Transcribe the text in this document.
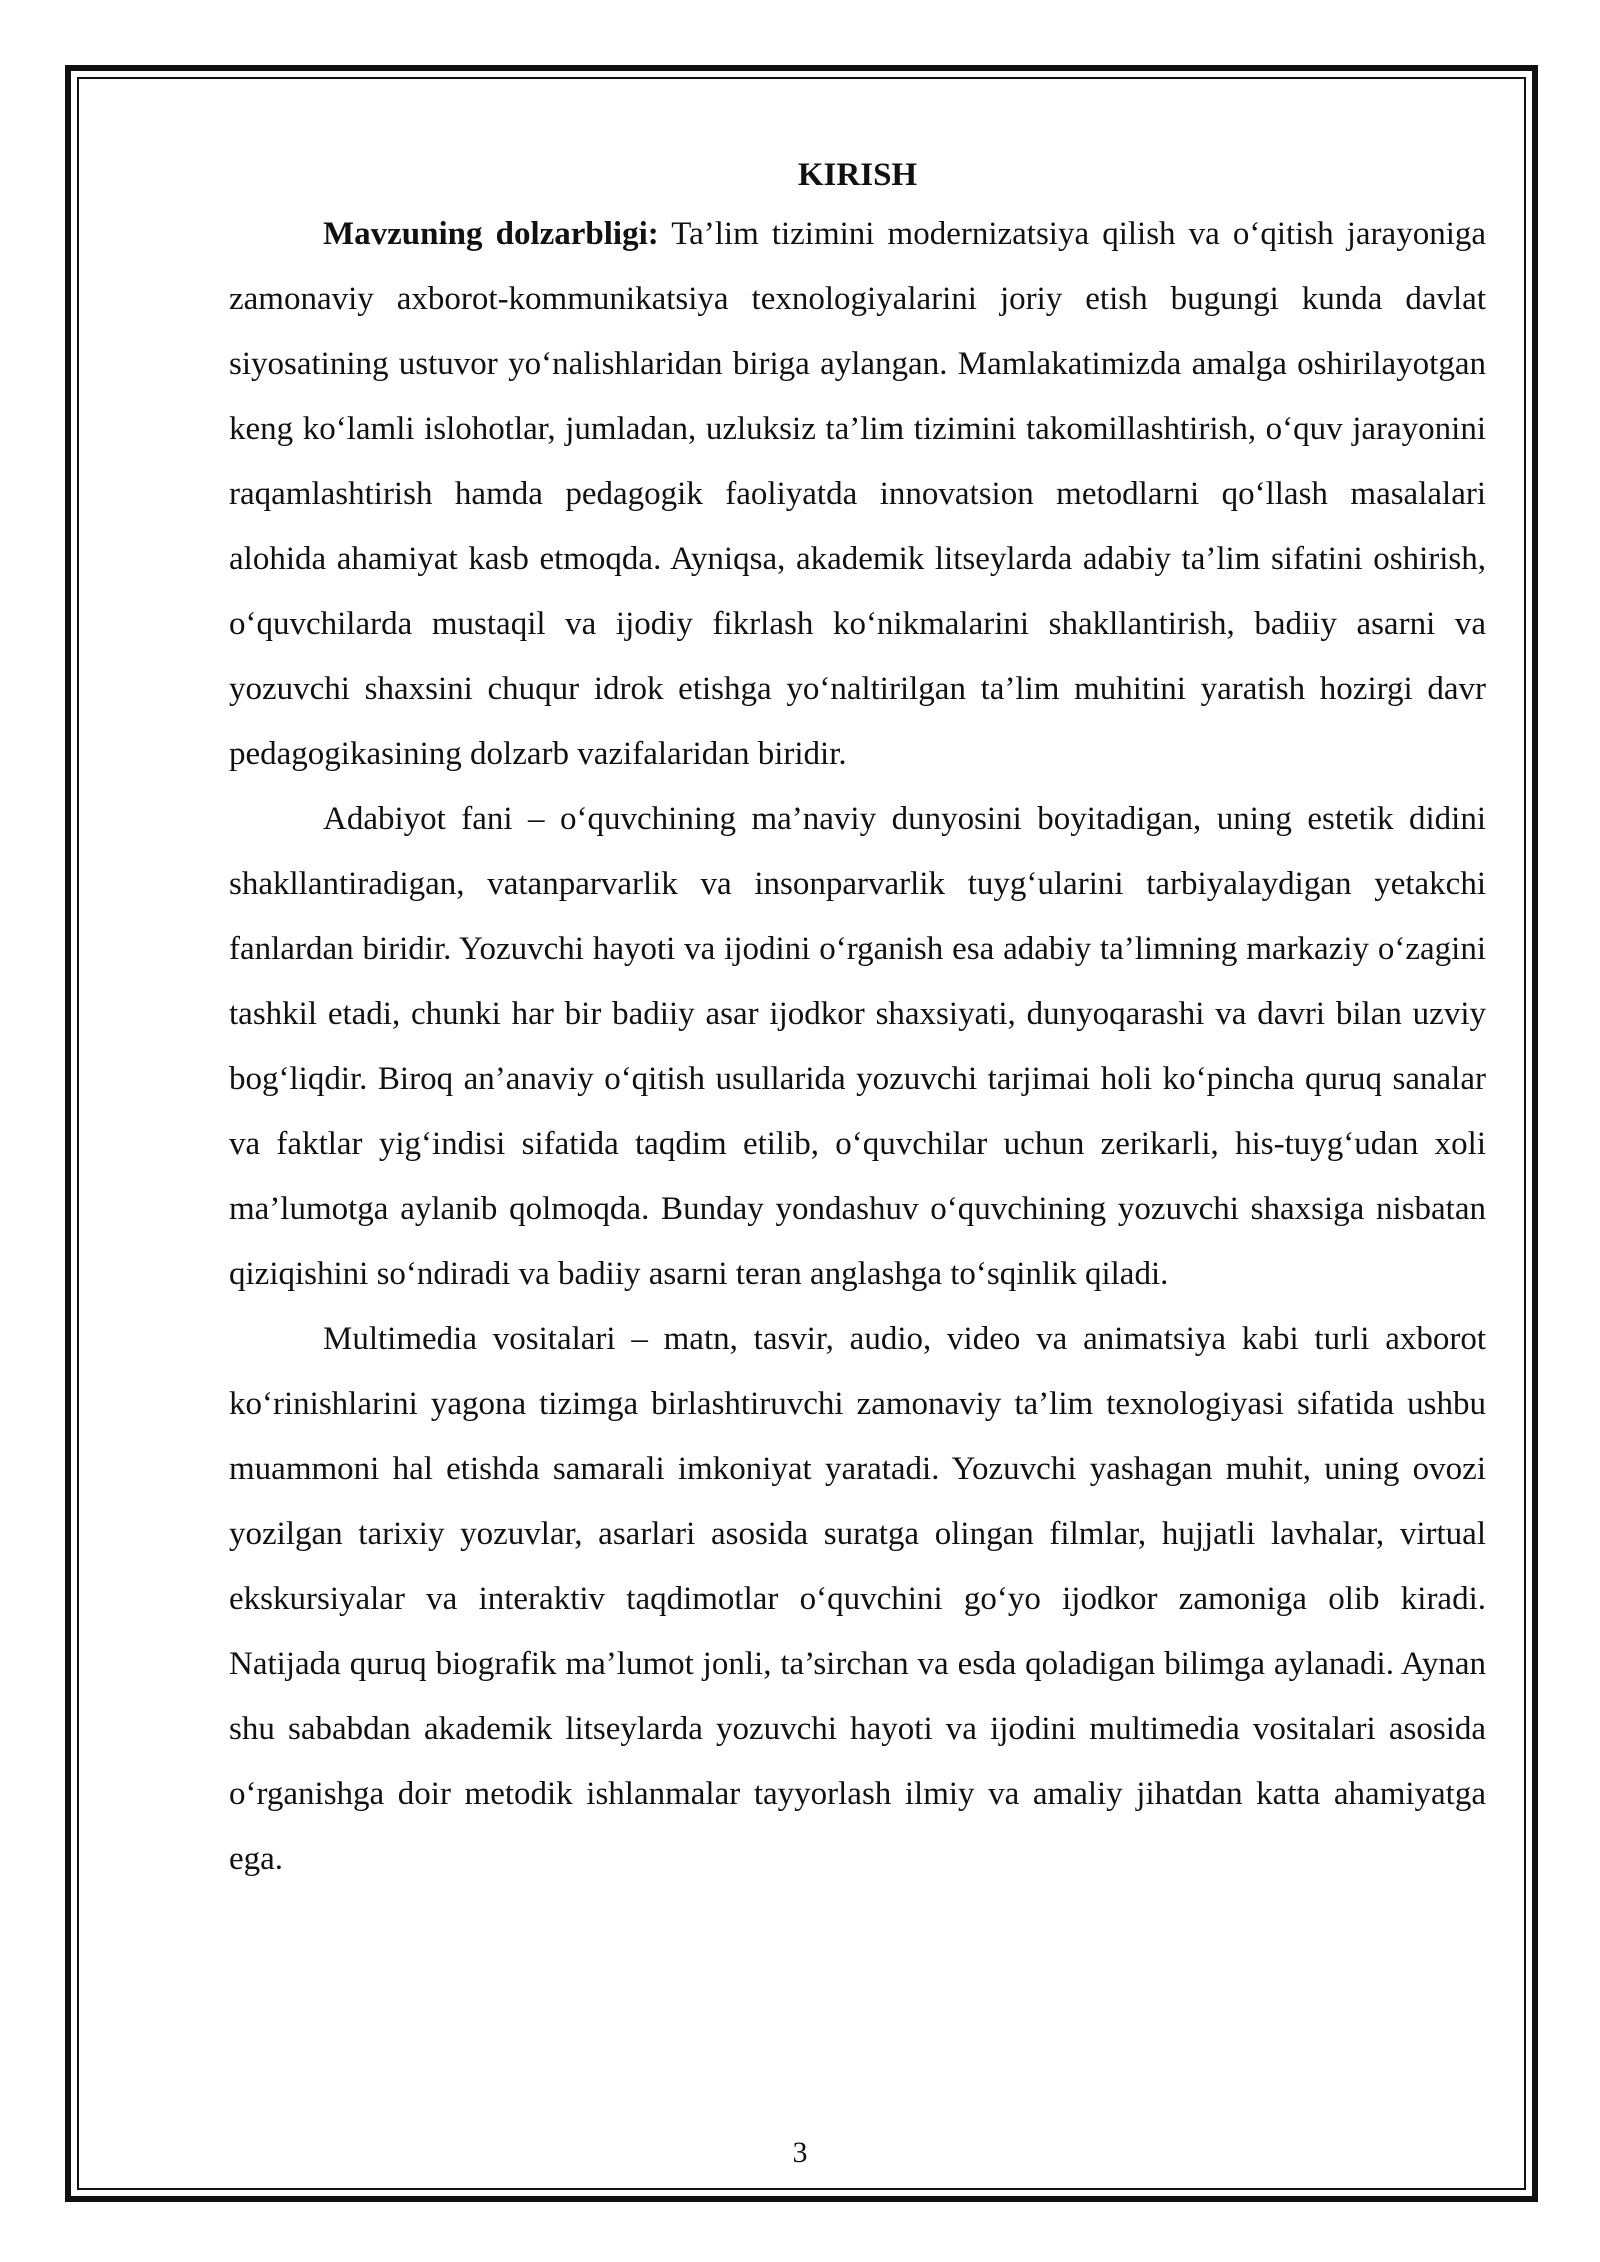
KIRISH

Mavzuning dolzarbligi: Ta’lim tizimini modernizatsiya qilish va o‘qitish jarayoniga zamonaviy axborot-kommunikatsiya texnologiyalarini joriy etish bugungi kunda davlat siyosatining ustuvor yo‘nalishlaridan biriga aylangan. Mamlakatimizda amalga oshirilayotgan keng ko‘lamli islohotlar, jumladan, uzluksiz ta’lim tizimini takomillashtirish, o‘quv jarayonini raqamlashtirish hamda pedagogik faoliyatda innovatsion metodlarni qo‘llash masalalari alohida ahamiyat kasb etmoqda. Ayniqsa, akademik litseylarda adabiy ta’lim sifatini oshirish, o‘quvchilarda mustaqil va ijodiy fikrlash ko‘nikmalarini shakllantirish, badiiy asarni va yozuvchi shaxsini chuqur idrok etishga yo‘naltirilgan ta’lim muhitini yaratish hozirgi davr pedagogikasining dolzarb vazifalaridan biridir.

Adabiyot fani – o‘quvchining ma’naviy dunyosini boyitadigan, uning estetik didini shakllantiradigan, vatanparvarlik va insonparvarlik tuyg‘ularini tarbiyalaydigan yetakchi fanlardan biridir. Yozuvchi hayoti va ijodini o‘rganish esa adabiy ta’limning markaziy o‘zagini tashkil etadi, chunki har bir badiiy asar ijodkor shaxsiyati, dunyoqarashi va davri bilan uzviy bog‘liqdir. Biroq an’anaviy o‘qitish usullarida yozuvchi tarjimai holi ko‘pincha quruq sanalar va faktlar yig‘indisi sifatida taqdim etilib, o‘quvchilar uchun zerikarli, his-tuyg‘udan xoli ma’lumotga aylanib qolmoqda. Bunday yondashuv o‘quvchining yozuvchi shaxsiga nisbatan qiziqishini so‘ndiradi va badiiy asarni teran anglashga to‘sqinlik qiladi.

Multimedia vositalari – matn, tasvir, audio, video va animatsiya kabi turli axborot ko‘rinishlarini yagona tizimga birlashtiruvchi zamonaviy ta’lim texnologiyasi sifatida ushbu muammoni hal etishda samarali imkoniyat yaratadi. Yozuvchi yashagan muhit, uning ovozi yozilgan tarixiy yozuvlar, asarlari asosida suratga olingan filmlar, hujjatli lavhalar, virtual ekskursiyalar va interaktiv taqdimotlar o‘quvchini go‘yo ijodkor zamoniga olib kiradi. Natijada quruq biografik ma’lumot jonli, ta’sirchan va esda qoladigan bilimga aylanadi. Aynan shu sababdan akademik litseylarda yozuvchi hayoti va ijodini multimedia vositalari asosida o‘rganishga doir metodik ishlanmalar tayyorlash ilmiy va amaliy jihatdan katta ahamiyatga ega.

3
